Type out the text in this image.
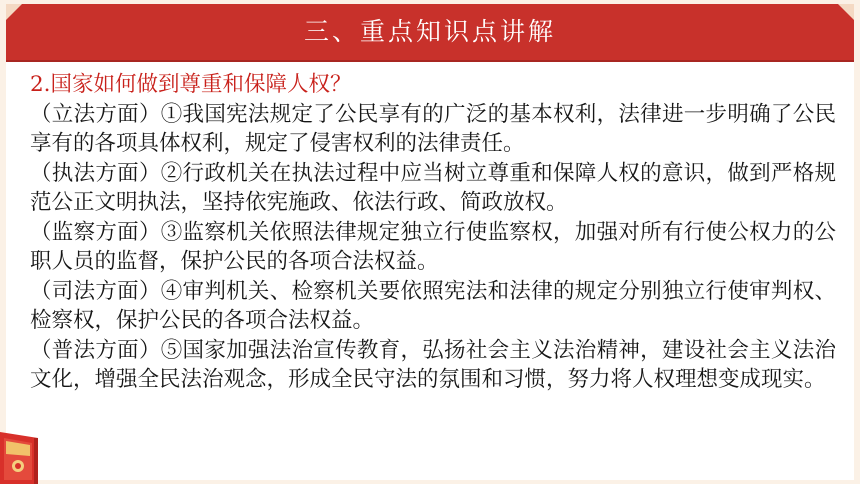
三、重点知识点讲解

2.国家如何做到尊重和保障人权？

（立法方面）①我国宪法规定了公民享有的广泛的基本权利，法律进一步明确了公民享有的各项具体权利，规定了侵害权利的法律责任。

（执法方面）②行政机关在执法过程中应当树立尊重和保障人权的意识，做到严格规范公正文明执法，坚持依宪施政、依法行政、简政放权。

（监察方面）③监察机关依照法律规定独立行使监察权，加强对所有行使公权力的公职人员的监督，保护公民的各项合法权益。

（司法方面）④审判机关、检察机关要依照宪法和法律的规定分别独立行使审判权、检察权，保护公民的各项合法权益。

（普法方面）⑤国家加强法治宣传教育，弘扬社会主义法治精神，建设社会主义法治文化，增强全民法治观念，形成全民守法的氛围和习惯，努力将人权理想变成现实。
